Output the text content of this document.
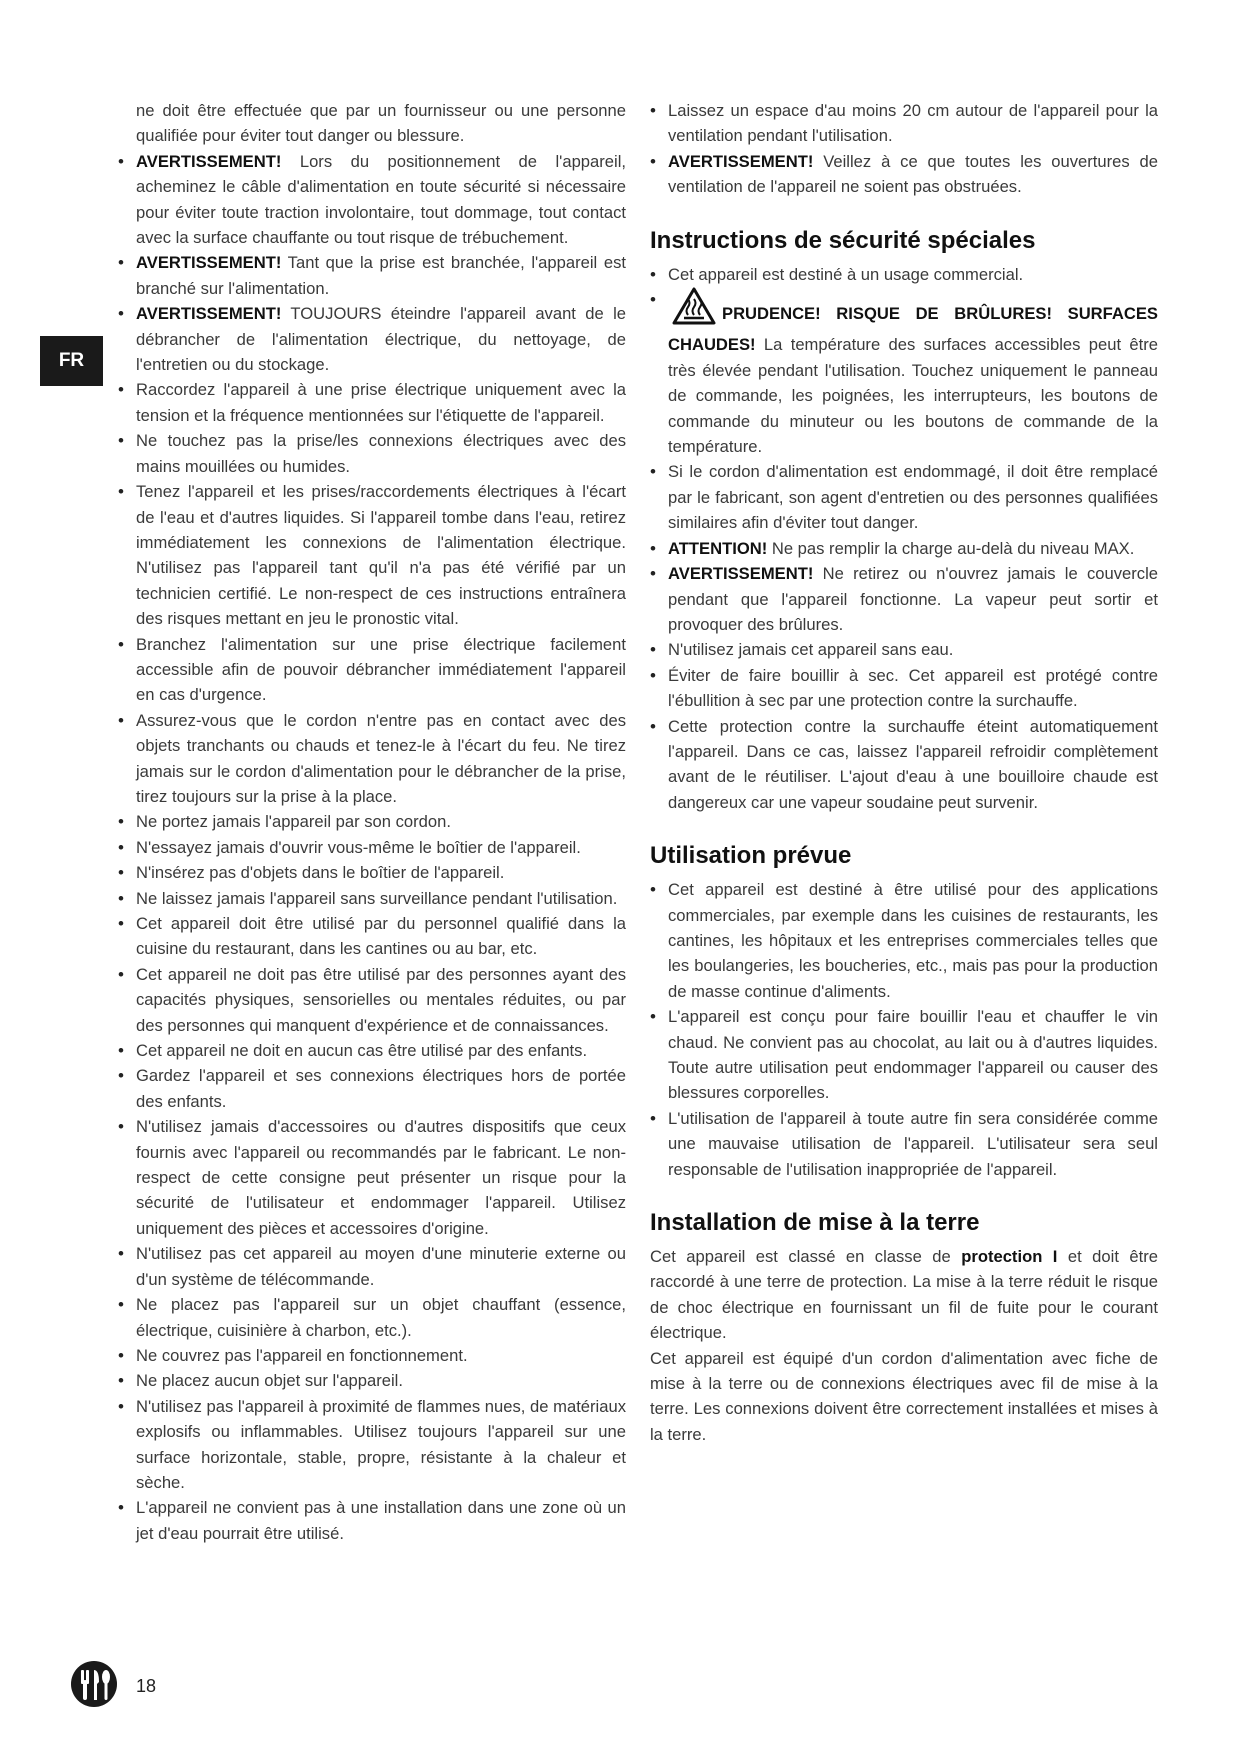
FR
ne doit être effectuée que par un fournisseur ou une personne qualifiée pour éviter tout danger ou blessure.
• AVERTISSEMENT! Lors du positionnement de l'appareil, acheminez le câble d'alimentation en toute sécurité si nécessaire pour éviter toute traction involontaire, tout dommage, tout contact avec la surface chauffante ou tout risque de trébuchement.
• AVERTISSEMENT! Tant que la prise est branchée, l'appareil est branché sur l'alimentation.
• AVERTISSEMENT! TOUJOURS éteindre l'appareil avant de le débrancher de l'alimentation électrique, du nettoyage, de l'entretien ou du stockage.
• Raccordez l'appareil à une prise électrique uniquement avec la tension et la fréquence mentionnées sur l'étiquette de l'appareil.
• Ne touchez pas la prise/les connexions électriques avec des mains mouillées ou humides.
• Tenez l'appareil et les prises/raccordements électriques à l'écart de l'eau et d'autres liquides. Si l'appareil tombe dans l'eau, retirez immédiatement les connexions de l'alimentation électrique. N'utilisez pas l'appareil tant qu'il n'a pas été vérifié par un technicien certifié. Le non-respect de ces instructions entraînera des risques mettant en jeu le pronostic vital.
• Branchez l'alimentation sur une prise électrique facilement accessible afin de pouvoir débrancher immédiatement l'appareil en cas d'urgence.
• Assurez-vous que le cordon n'entre pas en contact avec des objets tranchants ou chauds et tenez-le à l'écart du feu. Ne tirez jamais sur le cordon d'alimentation pour le débrancher de la prise, tirez toujours sur la prise à la place.
• Ne portez jamais l'appareil par son cordon.
• N'essayez jamais d'ouvrir vous-même le boîtier de l'appareil.
• N'insérez pas d'objets dans le boîtier de l'appareil.
• Ne laissez jamais l'appareil sans surveillance pendant l'utilisation.
• Cet appareil doit être utilisé par du personnel qualifié dans la cuisine du restaurant, dans les cantines ou au bar, etc.
• Cet appareil ne doit pas être utilisé par des personnes ayant des capacités physiques, sensorielles ou mentales réduites, ou par des personnes qui manquent d'expérience et de connaissances.
• Cet appareil ne doit en aucun cas être utilisé par des enfants.
• Gardez l'appareil et ses connexions électriques hors de portée des enfants.
• N'utilisez jamais d'accessoires ou d'autres dispositifs que ceux fournis avec l'appareil ou recommandés par le fabricant. Le non-respect de cette consigne peut présenter un risque pour la sécurité de l'utilisateur et endommager l'appareil. Utilisez uniquement des pièces et accessoires d'origine.
• N'utilisez pas cet appareil au moyen d'une minuterie externe ou d'un système de télécommande.
• Ne placez pas l'appareil sur un objet chauffant (essence, électrique, cuisinière à charbon, etc.).
• Ne couvrez pas l'appareil en fonctionnement.
• Ne placez aucun objet sur l'appareil.
• N'utilisez pas l'appareil à proximité de flammes nues, de matériaux explosifs ou inflammables. Utilisez toujours l'appareil sur une surface horizontale, stable, propre, résistante à la chaleur et sèche.
• L'appareil ne convient pas à une installation dans une zone où un jet d'eau pourrait être utilisé.
• Laissez un espace d'au moins 20 cm autour de l'appareil pour la ventilation pendant l'utilisation.
• AVERTISSEMENT! Veillez à ce que toutes les ouvertures de ventilation de l'appareil ne soient pas obstruées.
Instructions de sécurité spéciales
• Cet appareil est destiné à un usage commercial.
• PRUDENCE! RISQUE DE BRÛLURES! SURFACES CHAUDES! La température des surfaces accessibles peut être très élevée pendant l'utilisation. Touchez uniquement le panneau de commande, les poignées, les interrupteurs, les boutons de commande du minuteur ou les boutons de commande de la température.
• Si le cordon d'alimentation est endommagé, il doit être remplacé par le fabricant, son agent d'entretien ou des personnes qualifiées similaires afin d'éviter tout danger.
• ATTENTION! Ne pas remplir la charge au-delà du niveau MAX.
• AVERTISSEMENT! Ne retirez ou n'ouvrez jamais le couvercle pendant que l'appareil fonctionne. La vapeur peut sortir et provoquer des brûlures.
• N'utilisez jamais cet appareil sans eau.
• Éviter de faire bouillir à sec. Cet appareil est protégé contre l'ébullition à sec par une protection contre la surchauffe.
• Cette protection contre la surchauffe éteint automatiquement l'appareil. Dans ce cas, laissez l'appareil refroidir complètement avant de le réutiliser. L'ajout d'eau à une bouilloire chaude est dangereux car une vapeur soudaine peut survenir.
Utilisation prévue
• Cet appareil est destiné à être utilisé pour des applications commerciales, par exemple dans les cuisines de restaurants, les cantines, les hôpitaux et les entreprises commerciales telles que les boulangeries, les boucheries, etc., mais pas pour la production de masse continue d'aliments.
• L'appareil est conçu pour faire bouillir l'eau et chauffer le vin chaud. Ne convient pas au chocolat, au lait ou à d'autres liquides. Toute autre utilisation peut endommager l'appareil ou causer des blessures corporelles.
• L'utilisation de l'appareil à toute autre fin sera considérée comme une mauvaise utilisation de l'appareil. L'utilisateur sera seul responsable de l'utilisation inappropriée de l'appareil.
Installation de mise à la terre

Cet appareil est classé en classe de protection I et doit être raccordé à une terre de protection. La mise à la terre réduit le risque de choc électrique en fournissant un fil de fuite pour le courant électrique.

Cet appareil est équipé d'un cordon d'alimentation avec fiche de mise à la terre ou de connexions électriques avec fil de mise à la terre. Les connexions doivent être correctement installées et mises à la terre.

18
